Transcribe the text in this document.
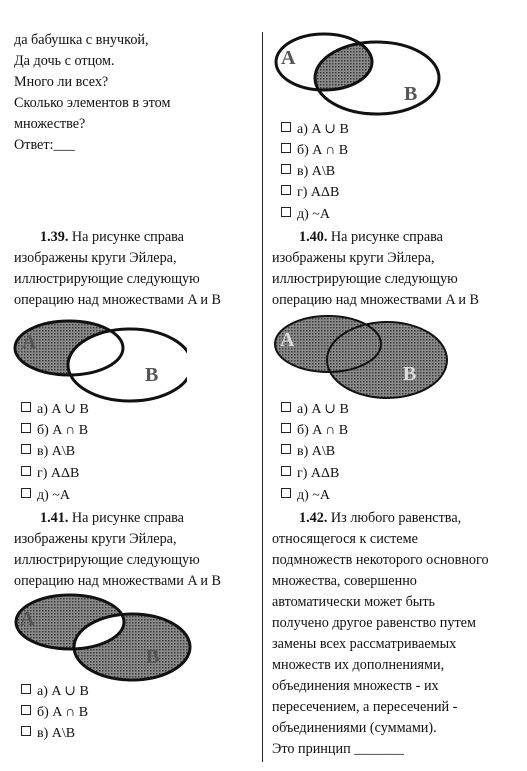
да бабушка с внучкой,
Да дочь с отцом.
Много ли всех?
Сколько элементов в этом
множестве?
Ответ:___
A
B
а) A ∪ B
б) A ∩ B
в) A\B
г) AΔB
д) ~A
1.39. На рисунке справа
изображены круги Эйлера,
иллюстрирующие следующую
операцию над множествами A и B
A
B
а) A ∪ B
б) A ∩ B
в) A\B
г) AΔB
д) ~A
1.40. На рисунке справа
изображены круги Эйлера,
иллюстрирующие следующую
операцию над множествами A и B
A
B
а) A ∪ B
б) A ∩ B
в) A\B
г) AΔB
д) ~A
1.41. На рисунке справа
изображены круги Эйлера,
иллюстрирующие следующую
операцию над множествами A и B
A
B
а) A ∪ B
б) A ∩ B
в) A\B
1.42. Из любого равенства,
относящегося к системе
подмножеств некоторого основного
множества, совершенно
автоматически может быть
получено другое равенство путем
замены всех рассматриваемых
множеств их дополнениями,
объединения множеств - их
пересечением, а пересечений -
объединениями (суммами).
Это принцип _______
